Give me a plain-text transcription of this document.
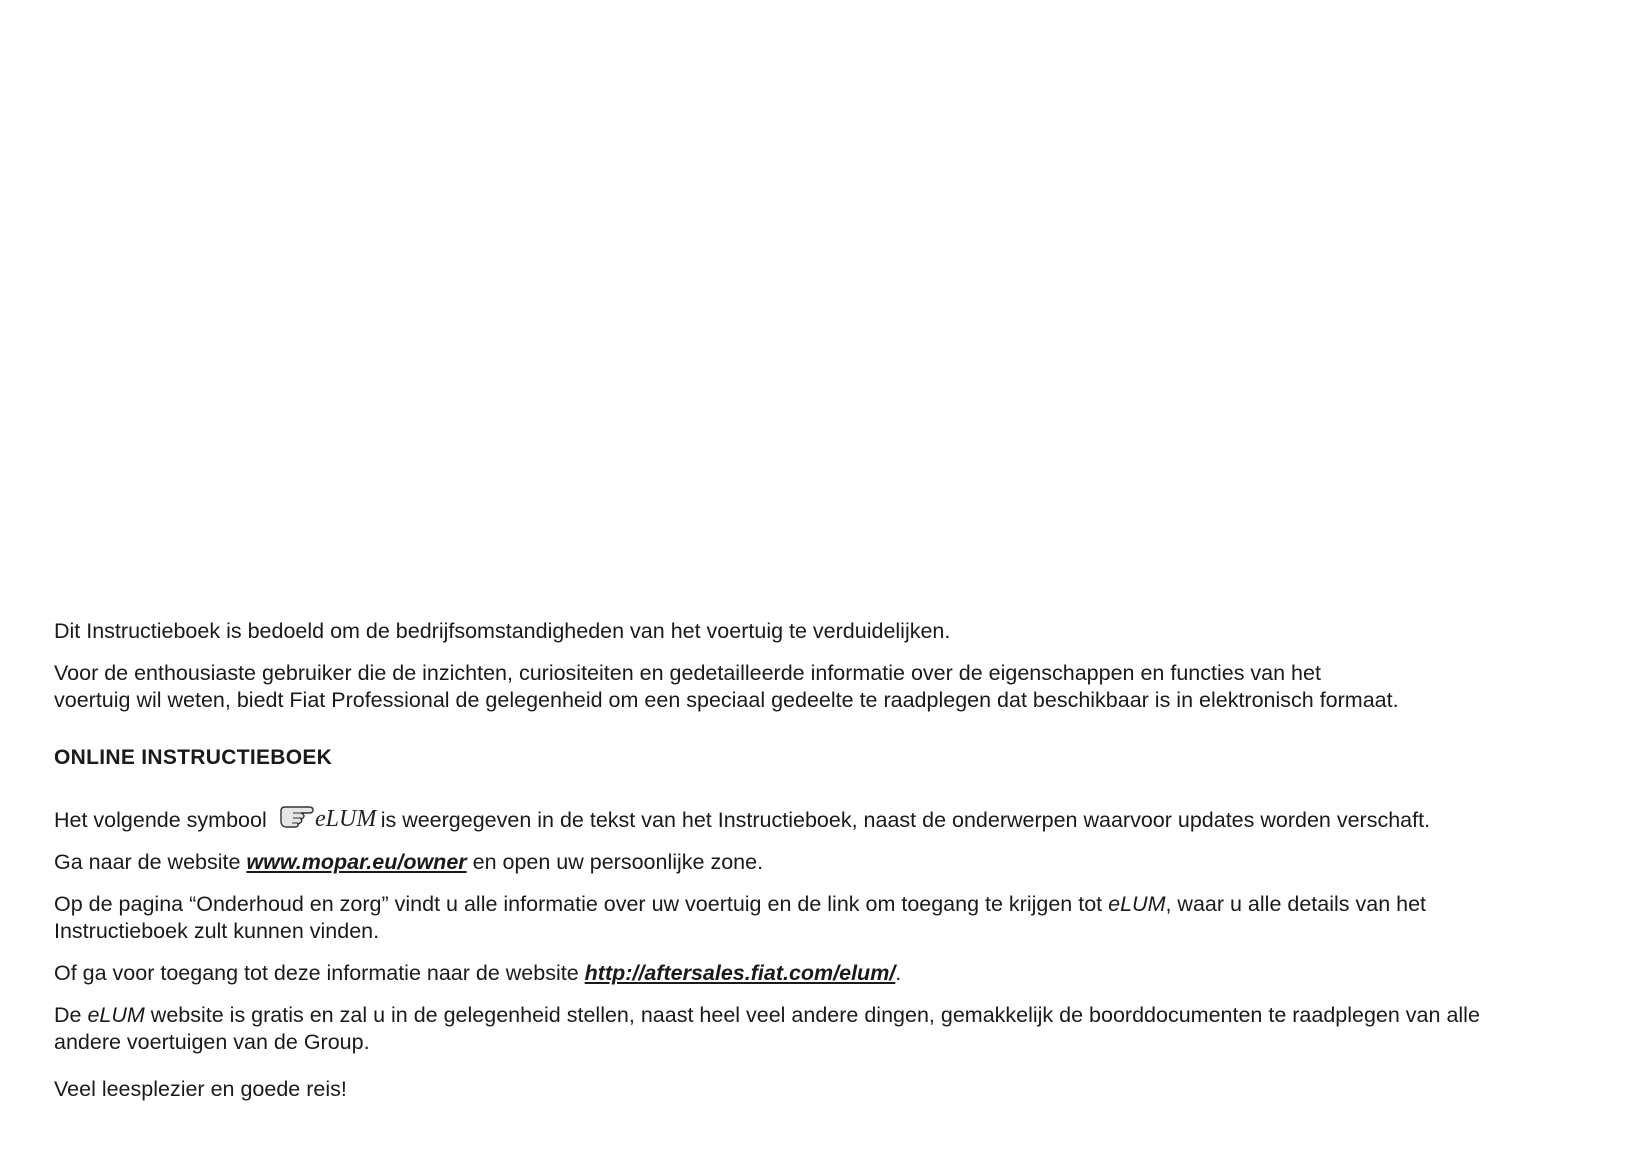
Dit Instructieboek is bedoeld om de bedrijfsomstandigheden van het voertuig te verduidelijken.

Voor de enthousiaste gebruiker die de inzichten, curiositeiten en gedetailleerde informatie over de eigenschappen en functies van het
voertuig wil weten, biedt Fiat Professional de gelegenheid om een speciaal gedeelte te raadplegen dat beschikbaar is in elektronisch formaat.

ONLINE INSTRUCTIEBOEK

Het volgende symbool eLUM is weergegeven in de tekst van het Instructieboek, naast de onderwerpen waarvoor updates worden verschaft.

Ga naar de website www.mopar.eu/owner en open uw persoonlijke zone.

Op de pagina “Onderhoud en zorg” vindt u alle informatie over uw voertuig en de link om toegang te krijgen tot eLUM, waar u alle details van het
Instructieboek zult kunnen vinden.

Of ga voor toegang tot deze informatie naar de website http://aftersales.fiat.com/elum/.

De eLUM website is gratis en zal u in de gelegenheid stellen, naast heel veel andere dingen, gemakkelijk de boorddocumenten te raadplegen van alle
andere voertuigen van de Group.

Veel leesplezier en goede reis!
